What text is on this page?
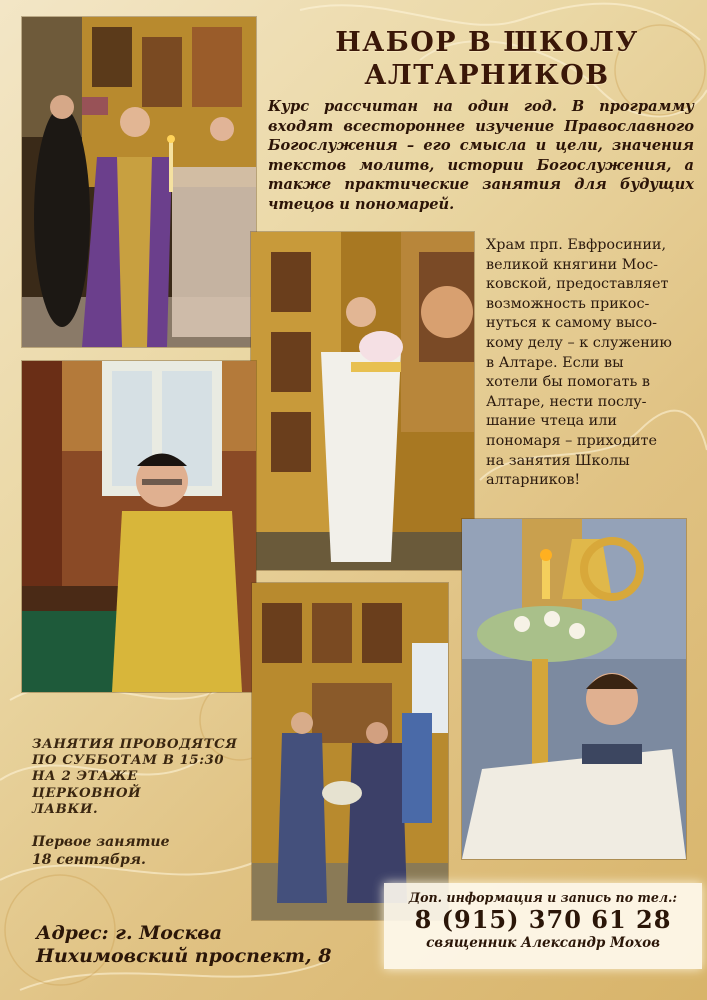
НАБОР В ШКОЛУ
АЛТАРНИКОВ
Курс рассчитан на один год. В программу входят всестороннее изучение Православного Богослужения – его смысла и цели, значения текстов молитв, истории Богослужения, а также практические занятия для будущих чтецов и пономарей.
Храм прп. Евфросинии,
великой княгини Мос-
ковской, предоставляет
возможность прикос-
нуться к самому высо-
кому делу – к служению
в Алтаре. Если вы
хотели бы помогать в
Алтаре, нести послу-
шание чтеца или
пономаря – приходите
на занятия Школы
алтарников!
ЗАНЯТИЯ ПРОВОДЯТСЯ
ПО СУББОТАМ В 15:30
НА 2 ЭТАЖЕ ЦЕРКОВНОЙ
ЛАВКИ.
Первое занятие
18 сентября.
Адрес: г. Москва
Нихимовский проспект, 8
Доп. информация и запись по тел.:
8 (915) 370 61 28
священник Александр Мохов
